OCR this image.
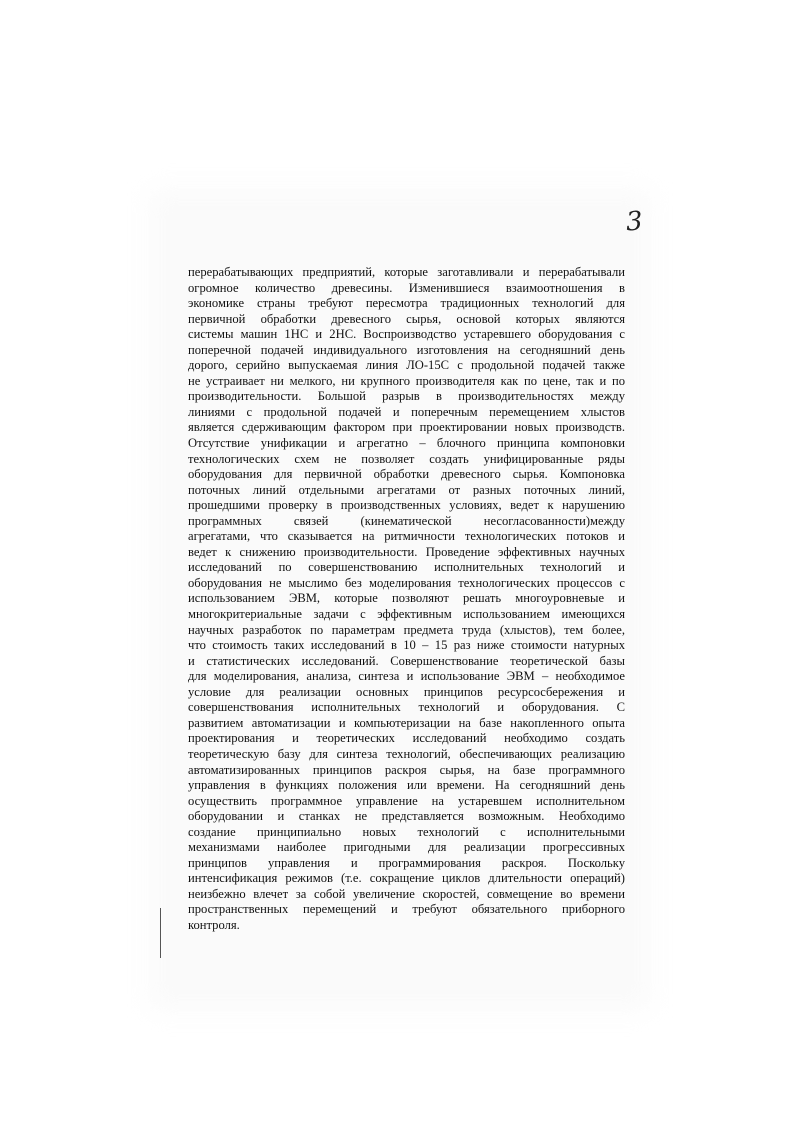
3
перерабатывающих предприятий, которые заготавливали и перерабатывали
огромное количество древесины. Изменившиеся взаимоотношения в
экономике страны требуют пересмотра традиционных технологий для
первичной обработки древесного сырья, основой которых являются
системы машин 1НС и 2НС. Воспроизводство устаревшего оборудования с
поперечной подачей индивидуального изготовления на сегодняшний день
дорого, серийно выпускаемая линия ЛО-15С с продольной подачей также
не устраивает ни мелкого, ни крупного производителя как по цене, так и по
производительности. Большой разрыв в производительностях между
линиями с продольной подачей и поперечным перемещением хлыстов
является сдерживающим фактором при проектировании новых производств.
Отсутствие унификации и агрегатно – блочного принципа компоновки
технологических схем не позволяет создать унифицированные ряды
оборудования для первичной обработки древесного сырья. Компоновка
поточных линий отдельными агрегатами от разных поточных линий,
прошедшими проверку в производственных условиях, ведет к нарушению
программных связей (кинематической несогласованности)между
агрегатами, что сказывается на ритмичности технологических потоков и
ведет к снижению производительности. Проведение эффективных научных
исследований по совершенствованию исполнительных технологий и
оборудования не мыслимо без моделирования технологических процессов с
использованием ЭВМ, которые позволяют решать многоуровневые и
многокритериальные задачи с эффективным использованием имеющихся
научных разработок по параметрам предмета труда (хлыстов), тем более,
что стоимость таких исследований в 10 – 15 раз ниже стоимости натурных
и статистических исследований. Совершенствование теоретической базы
для моделирования, анализа, синтеза и использование ЭВМ – необходимое
условие для реализации основных принципов ресурсосбережения и
совершенствования исполнительных технологий и оборудования. С
развитием автоматизации и компьютеризации на базе накопленного опыта
проектирования и теоретических исследований необходимо создать
теоретическую базу для синтеза технологий, обеспечивающих реализацию
автоматизированных принципов раскроя сырья, на базе программного
управления в функциях положения или времени. На сегодняшний день
осуществить программное управление на устаревшем исполнительном
оборудовании и станках не представляется возможным. Необходимо
создание принципиально новых технологий с исполнительными
механизмами наиболее пригодными для реализации прогрессивных
принципов управления и программирования раскроя. Поскольку
интенсификация режимов (т.е. сокращение циклов длительности операций)
неизбежно влечет за собой увеличение скоростей, совмещение во времени
пространственных перемещений и требуют обязательного приборного
контроля.
